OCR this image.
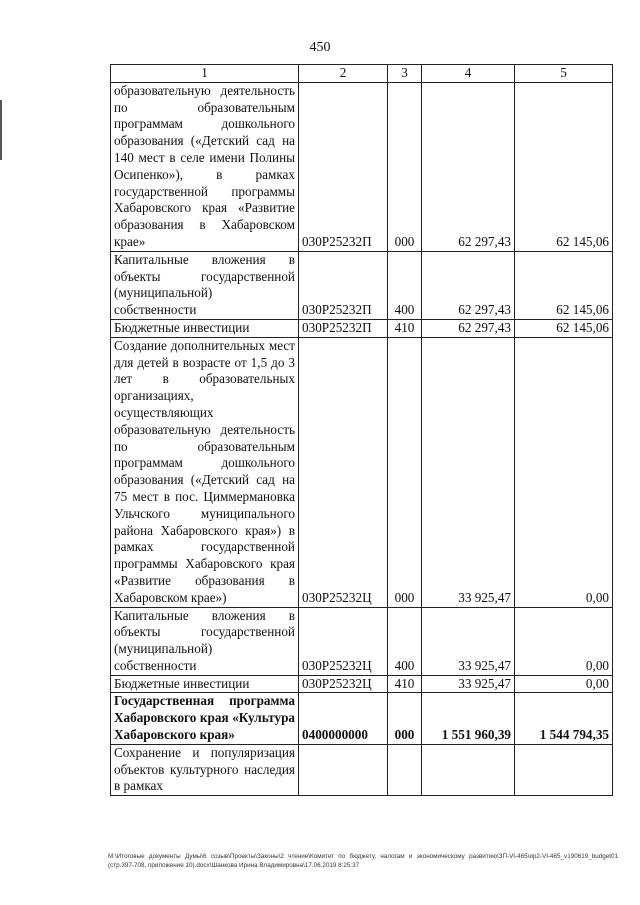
450
1	2	3	4	5
образовательную деятельность по образовательным программам дошкольного образования («Детский сад на 140 мест в селе имени Полины Осипенко»), в рамках государственной программы Хабаровского края «Развитие образования в Хабаровском крае»	030P25232П	000	62 297,43	62 145,06
Капитальные вложения в объекты государственной (муниципальной) собственности	030P25232П	400	62 297,43	62 145,06
Бюджетные инвестиции	030P25232П	410	62 297,43	62 145,06
Создание дополнительных мест для детей в возрасте от 1,5 до 3 лет в образовательных организациях, осуществляющих образовательную деятельность по образовательным программам дошкольного образования («Детский сад на 75 мест в пос. Циммермановка Ульчского муниципального района Хабаровского края») в рамках государственной программы Хабаровского края «Развитие образования в Хабаровском крае»)	030P25232Ц	000	33 925,47	0,00
Капитальные вложения в объекты государственной (муниципальной) собственности	030P25232Ц	400	33 925,47	0,00
Бюджетные инвестиции	030P25232Ц	410	33 925,47	0,00
Государственная программа Хабаровского края «Культура Хабаровского края»	0400000000	000	1 551 960,39	1 544 794,35
Сохранение и популяризация объектов культурного наследия в рамках				
М:\Итоговые документы Думы\6 созыв\Проекты\Законы\2 чтение\Комитет по бюджету, налогам и экономическому развитию\ЗП-VI-465\ир2-VI-465_v190619_budget01 (стр.397-708, приложение 10).docx\Шанкова Ирина Владимировна\17.06.2019 8:25:37
